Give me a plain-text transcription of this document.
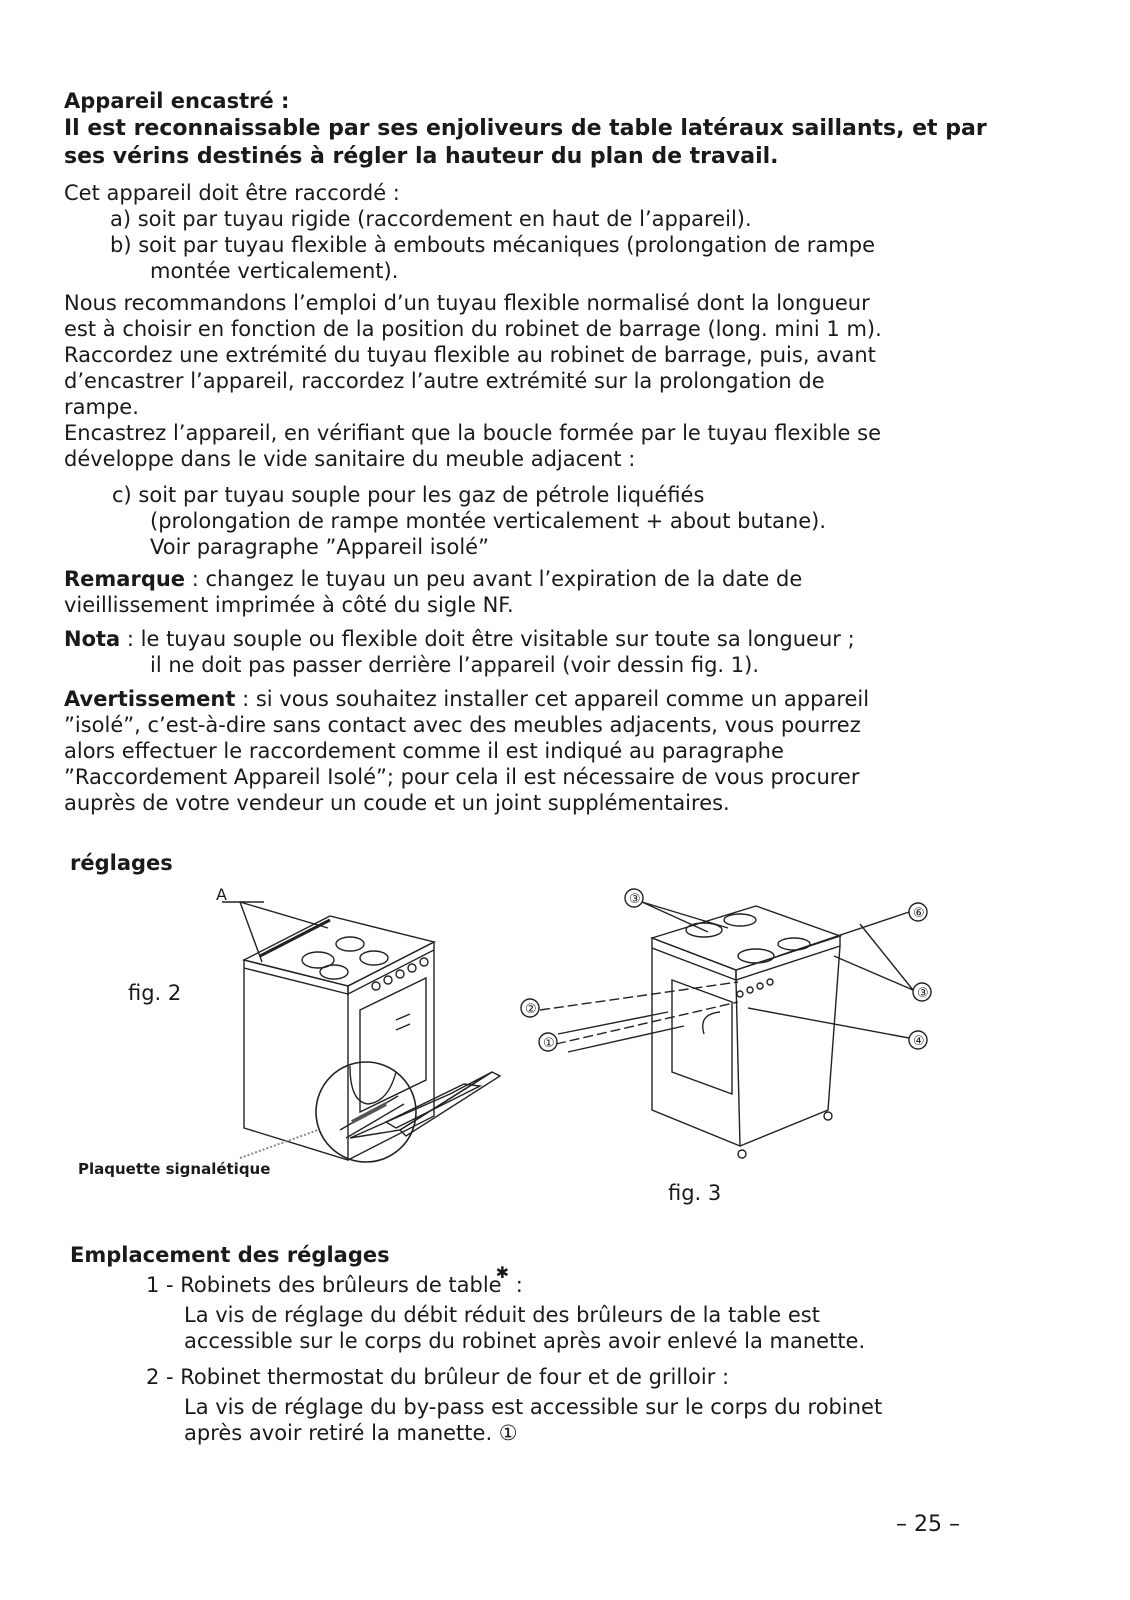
Appareil encastré :

Il est reconnaissable par ses enjoliveurs de table latéraux saillants, et par

ses vérins destinés à régler la hauteur du plan de travail.

Cet appareil doit être raccordé :

a) soit par tuyau rigide (raccordement en haut de l’appareil).

b) soit par tuyau flexible à embouts mécaniques (prolongation de rampe

montée verticalement).

Nous recommandons l’emploi d’un tuyau flexible normalisé dont la longueur

est à choisir en fonction de la position du robinet de barrage (long. mini 1 m).

Raccordez une extrémité du tuyau flexible au robinet de barrage, puis, avant

d’encastrer l’appareil, raccordez l’autre extrémité sur la prolongation de

rampe.

Encastrez l’appareil, en vérifiant que la boucle formée par le tuyau flexible se

développe dans le vide sanitaire du meuble adjacent :

c) soit par tuyau souple pour les gaz de pétrole liquéfiés

(prolongation de rampe montée verticalement + about butane).

Voir paragraphe ”Appareil isolé”

Remarque : changez le tuyau un peu avant l’expiration de la date de

vieillissement imprimée à côté du sigle NF.

Nota : le tuyau souple ou flexible doit être visitable sur toute sa longueur ;

il ne doit pas passer derrière l’appareil (voir dessin fig. 1).

Avertissement : si vous souhaitez installer cet appareil comme un appareil

”isolé”, c’est-à-dire sans contact avec des meubles adjacents, vous pourrez

alors effectuer le raccordement comme il est indiqué au paragraphe

”Raccordement Appareil Isolé”; pour cela il est nécessaire de vous procurer

auprès de votre vendeur un coude et un joint supplémentaires.

réglages

fig. 2

A

Plaquette signalétique

③
⑥
③
④
②
①

fig. 3

Emplacement des réglages

1 - Robinets des brûleurs de table✱ :

La vis de réglage du débit réduit des brûleurs de la table est

accessible sur le corps du robinet après avoir enlevé la manette.

2 - Robinet thermostat du brûleur de four et de grilloir :

La vis de réglage du by-pass est accessible sur le corps du robinet

après avoir retiré la manette. ①

– 25 –
